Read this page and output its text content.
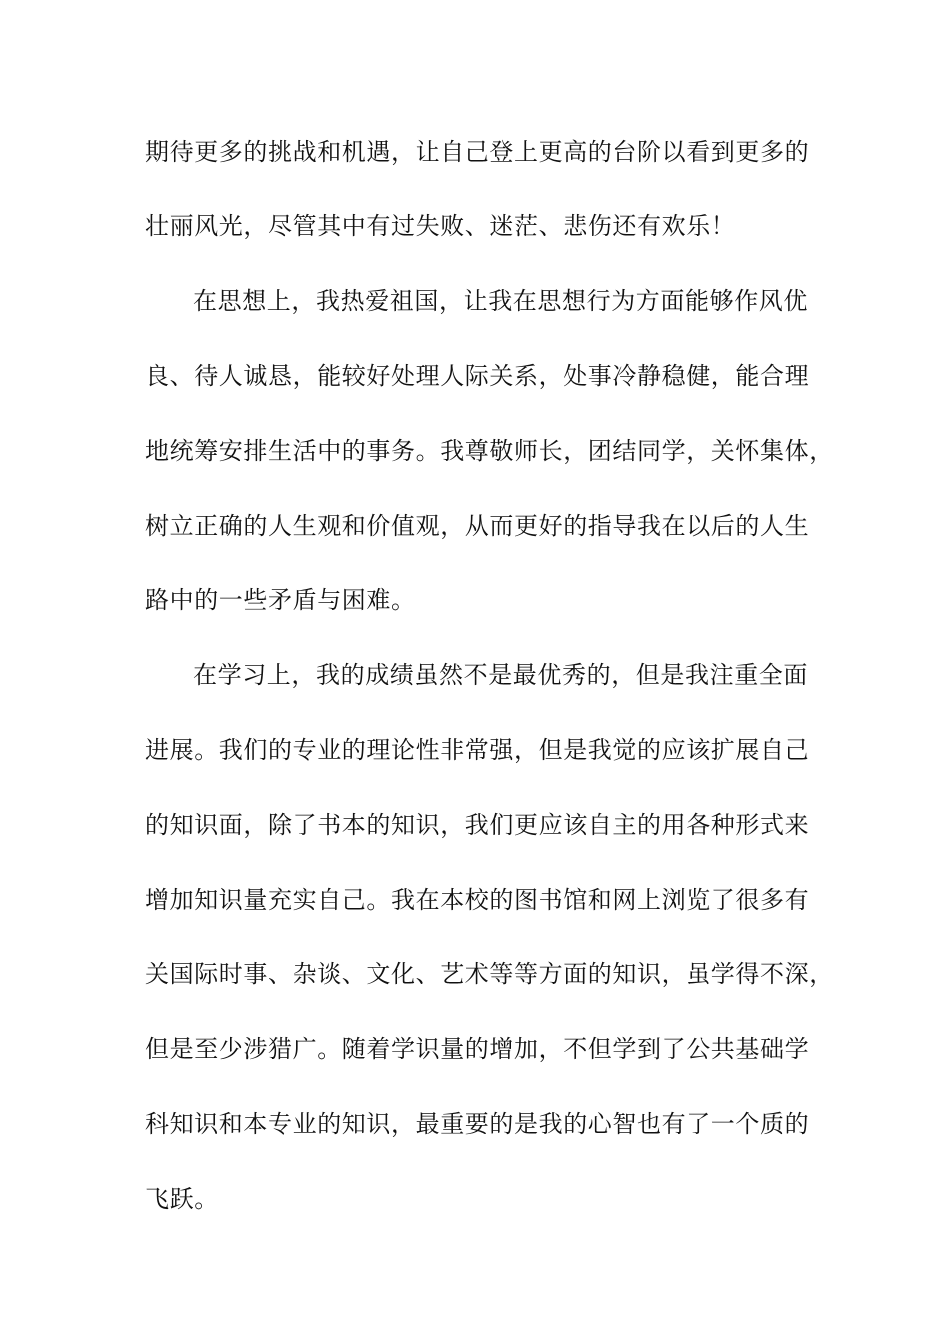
期待更多的挑战和机遇，让自己登上更高的台阶以看到更多的
壮丽风光，尽管其中有过失败、迷茫、悲伤还有欢乐！
在思想上，我热爱祖国，让我在思想行为方面能够作风优
良、待人诚恳，能较好处理人际关系，处事冷静稳健，能合理
地统筹安排生活中的事务。我尊敬师长，团结同学，关怀集体，
树立正确的人生观和价值观，从而更好的指导我在以后的人生
路中的一些矛盾与困难。
在学习上，我的成绩虽然不是最优秀的，但是我注重全面
进展。我们的专业的理论性非常强，但是我觉的应该扩展自己
的知识面，除了书本的知识，我们更应该自主的用各种形式来
增加知识量充实自己。我在本校的图书馆和网上浏览了很多有
关国际时事、杂谈、文化、艺术等等方面的知识，虽学得不深，
但是至少涉猎广。随着学识量的增加，不但学到了公共基础学
科知识和本专业的知识，最重要的是我的心智也有了一个质的
飞跃。
